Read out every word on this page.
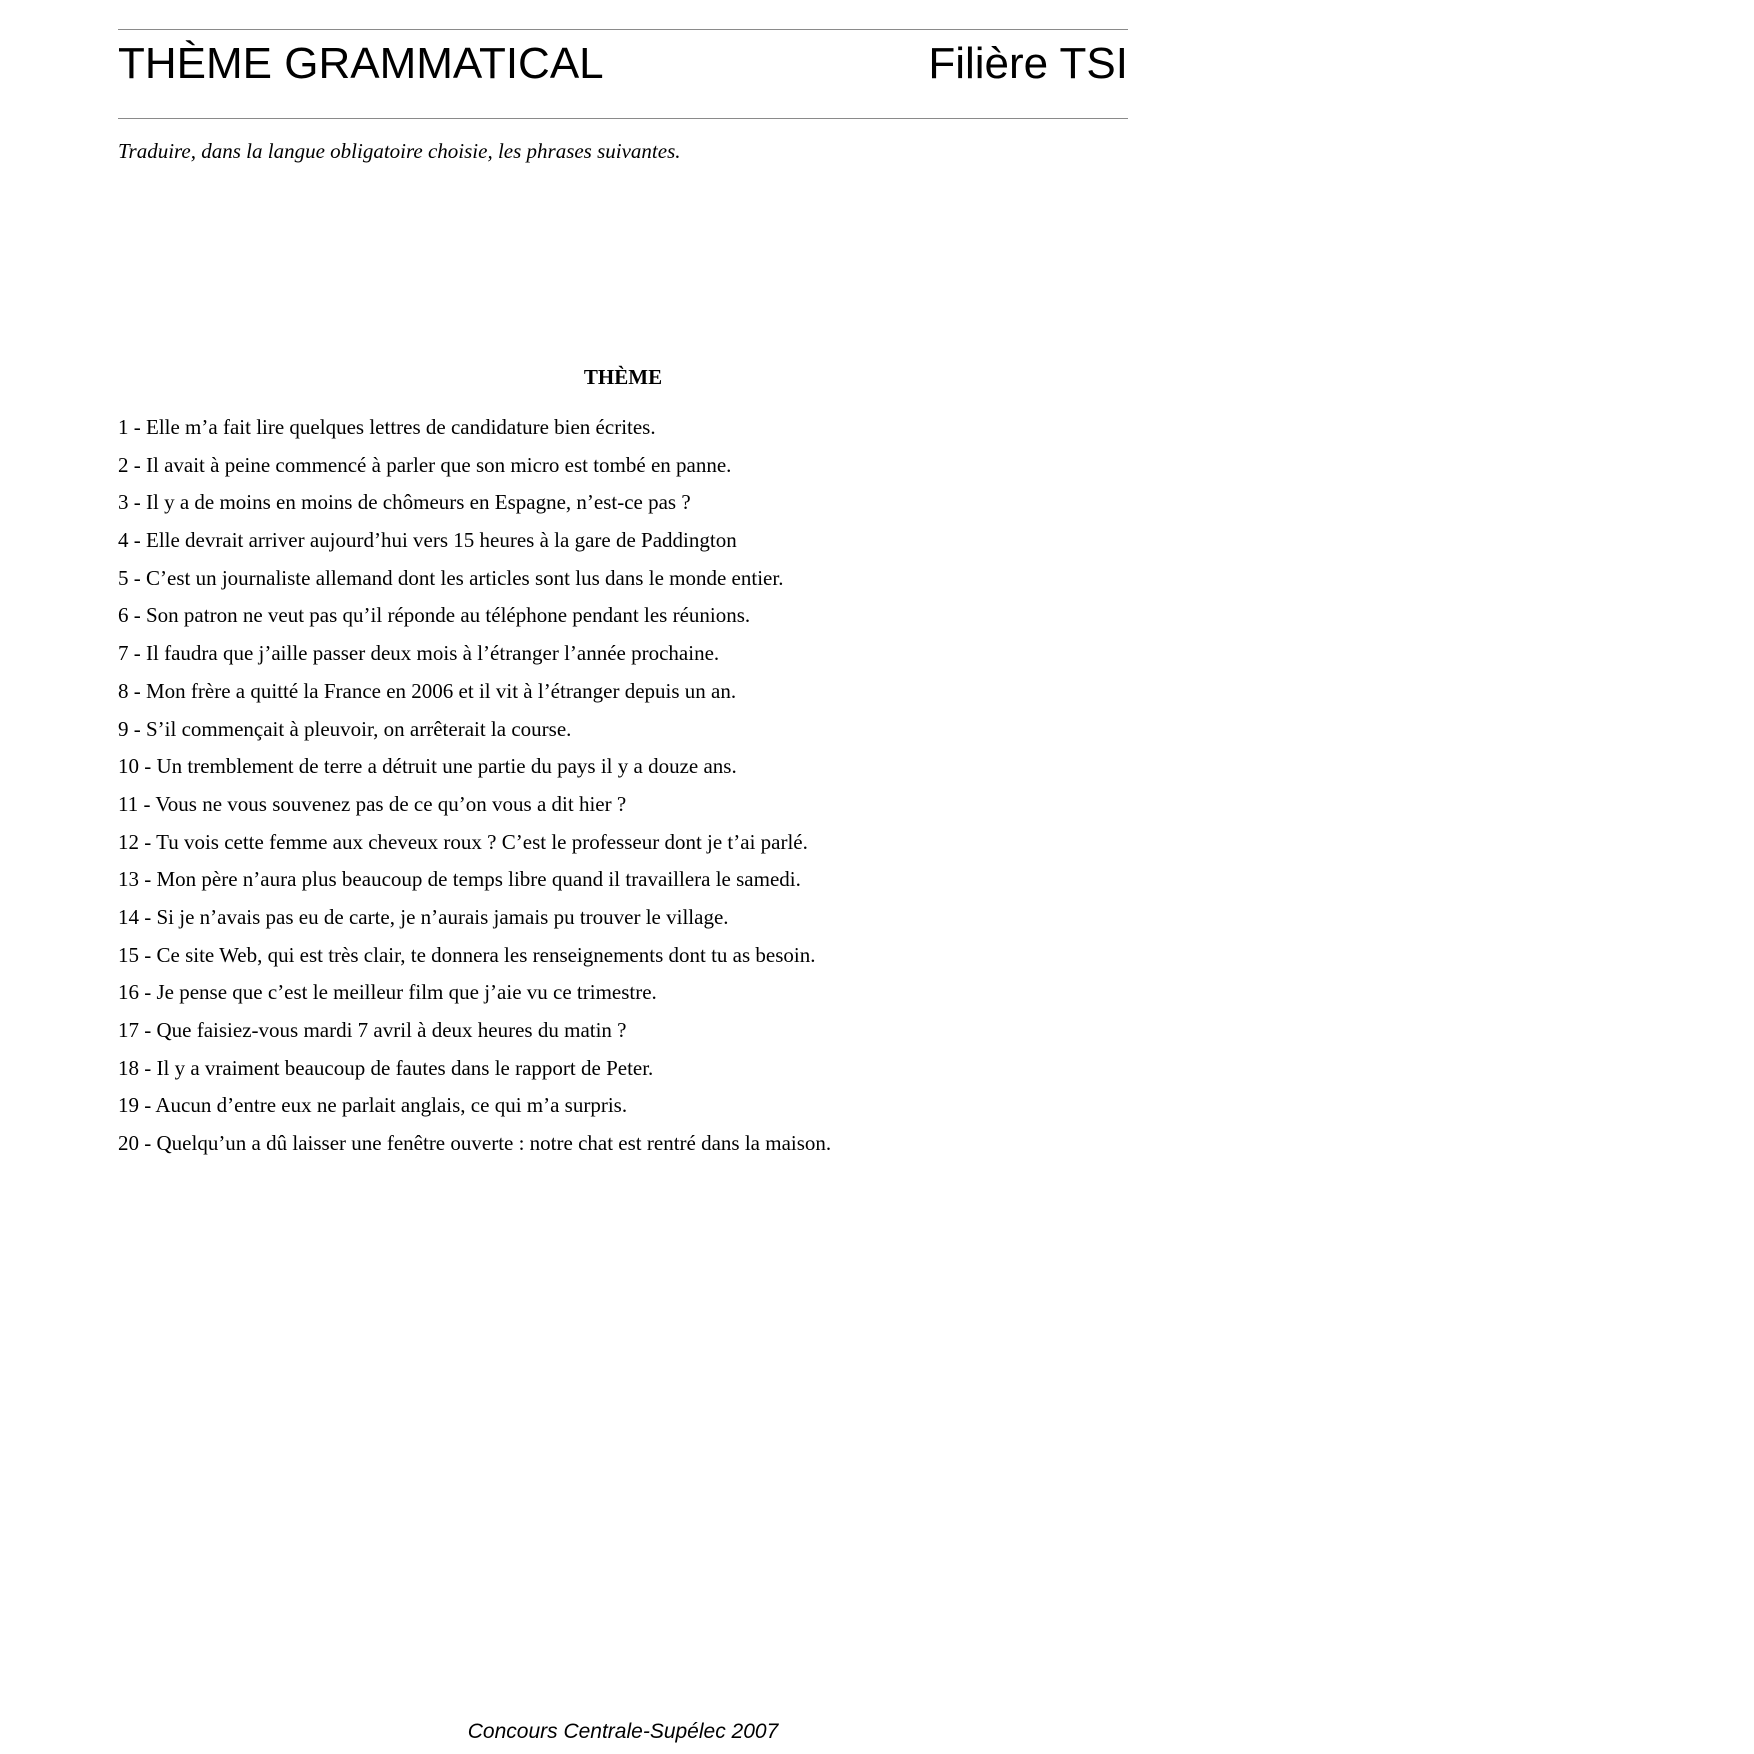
THÈME GRAMMATICAL	Filière TSI
Traduire, dans la langue obligatoire choisie, les phrases suivantes.
THÈME
1 - Elle m’a fait lire quelques lettres de candidature bien écrites.
2 - Il avait à peine commencé à parler que son micro est tombé en panne.
3 - Il y a de moins en moins de chômeurs en Espagne, n’est-ce pas ?
4 - Elle devrait arriver aujourd’hui vers 15 heures à la gare de Paddington
5 - C’est un journaliste allemand dont les articles sont lus dans le monde entier.
6 - Son patron ne veut pas qu’il réponde au téléphone pendant les réunions.
7 - Il faudra que j’aille passer deux mois à l’étranger l’année prochaine.
8 - Mon frère a quitté la France en 2006 et il vit à l’étranger depuis un an.
9 - S’il commençait à pleuvoir, on arrêterait la course.
10 - Un tremblement de terre a détruit une partie du pays il y a douze ans.
11 - Vous ne vous souvenez pas de ce qu’on vous a dit hier ?
12 - Tu vois cette femme aux cheveux roux ? C’est le professeur dont je t’ai parlé.
13 - Mon père n’aura plus beaucoup de temps libre quand il travaillera le samedi.
14 - Si je n’avais pas eu de carte, je n’aurais jamais pu trouver le village.
15 - Ce site Web, qui est très clair, te donnera les renseignements dont tu as besoin.
16 - Je pense que c’est le meilleur film que j’aie vu ce trimestre.
17 - Que faisiez-vous mardi 7 avril à deux heures du matin ?
18 - Il y a vraiment beaucoup de fautes dans le rapport de Peter.
19 - Aucun d’entre eux ne parlait anglais, ce qui m’a surpris.
20 - Quelqu’un a dû laisser une fenêtre ouverte : notre chat est rentré dans la maison.
Concours Centrale-Supélec 2007
